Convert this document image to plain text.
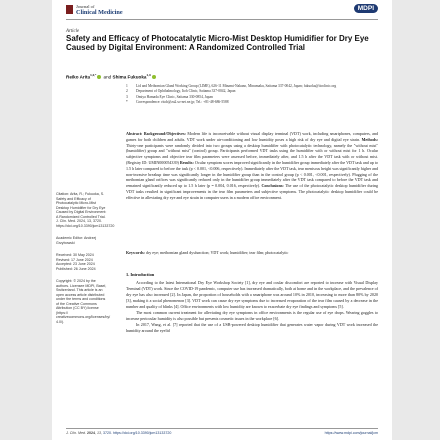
Journal of
Clinical Medicine
MDPI
Article
Safety and Efficacy of Photocatalytic Micro-Mist Desktop Humidifier for Dry Eye Caused by Digital Environment: A Randomized Controlled Trial
Reiko Arita$^{1,2,*}$ and Shima Fukuoka$^{1,3}$
Citation: Arita, R.; Fukuoka, S. Safety and Efficacy of Photocatalytic Micro-Mist Desktop Humidifier for Dry Eye Caused by Digital Environment: A Randomized Controlled Trial. J. Clin. Med. 2024, 13, 3720. https://doi.org/10.3390/jcm13133720
Academic Editor: Andrzej Grzybowski
Received: 30 May 2024
Revised: 17 June 2024
Accepted: 23 June 2024
Published: 26 June 2024
Copyright: © 2024 by the authors. Licensee MDPI, Basel, Switzerland. This article is an open access article distributed under the terms and conditions of the Creative Commons Attribution (CC BY) license (https:// creativecommons.org/licenses/by/ 4.0/).
1	Lid and Meibomian Gland Working Group (LIME), 626-11 Minami-Nakano, Minumaku, Saitama 337-0042, Japan; fukuoka@itoclinic.org
2	Department of Ophthalmology, Itoh Clinic, Saitama 337-0042, Japan
3	Omiya Hamada Eye Clinic, Saitama 330-0854, Japan
*	Correspondence: ritoh@za2.so-net.ne.jp; Tel.: +81-48-686-5588
Abstract: Background/Objectives: Modern life is inconceivable without visual display terminal (VDT) work, including smartphones, computers, and games for both children and adults. VDT work under air-conditioning and low humidity poses a high risk of dry eye and digital eye strain. Methods: Thirty-one participants were randomly divided into two groups using a desktop humidifier with photocatalytic technology, namely the "without mist" (humidifier) group and "without mist" (control) group. Participants performed VDT tasks using the humidifier with or without mist for 1 h. Ocular subjective symptoms and objective tear film parameters were assessed before, immediately after, and 1.5 h after the VDT task with or without mist. (Registry ID: UMIN000054339) Results: Ocular symptom scores improved significantly in the humidifier group immediately after the VDT task and up to 1.5 h later compared to before the task (p < 0.001, <0.006, respectively). Immediately after the VDT task, tear meniscus height was significantly higher and non-invasive breakup time was significantly longer in the humidifier group than in the control group (p < 0.001, <0.001, respectively). Plugging of the meibomian gland orifices was significantly reduced only in the humidifier group immediately after the VDT task compared to before the VDT task and remained significantly reduced up to 1.5 h later (p = 0.004, 0.016, respectively). Conclusions: The use of the photocatalytic desktop humidifier during VDT tasks resulted in significant improvements in the tear film parameters and subjective symptoms. The photocatalytic desktop humidifier could be effective in alleviating dry eye and eye strain in computer users in a modern office environment.
Keywords: dry eye; meibomian gland dysfunction; VDT work; humidifier; tear film; photocatalytic
1. Introduction

According to the latest International Dry Eye Workshop Society [1], dry eye and ocular discomfort are reported to increase with Visual Display Terminal (VDT) work. Since the COVID-19 pandemic, computer use has increased dramatically, both at home and in the workplace, and the prevalence of dry eye has also increased [2]. In Japan, the proportion of households with a smartphone was around 10% in 2010, increasing to more than 80% by 2020 [3], making it a social phenomenon [3]. VDT work can cause dry eye symptoms due to increased evaporation of the tear film caused by a decrease in the number and quality of blinks [4]. Office environments with low humidity are known to exacerbate dry eye findings and symptoms [5].

The most common current treatment for alleviating dry eye symptoms in office environments is the regular use of eye drops. Wearing goggles to increase periocular humidity is also possible but presents cosmetic issues in the workplace [6].

In 2017, Wang, et al. [7] reported that the use of a USB-powered desktop humidifier that generates water vapor during VDT work increased the humidity around the eyelid

J. Clin. Med. 2024, 13, 3720. https://doi.org/10.3390/jcm13133720	https://www.mdpi.com/journal/jcm
